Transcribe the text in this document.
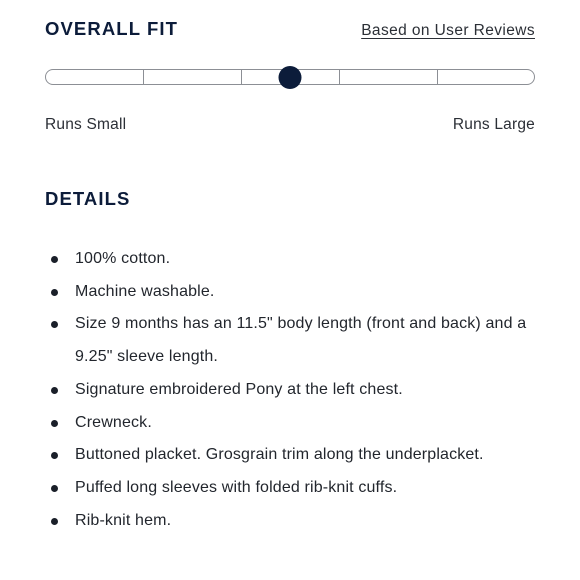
OVERALL FIT	Based on User Reviews
Runs Small	Runs Large
DETAILS
100% cotton.
Machine washable.
Size 9 months has an 11.5" body length (front and back) and a 9.25" sleeve length.
Signature embroidered Pony at the left chest.
Crewneck.
Buttoned placket. Grosgrain trim along the underplacket.
Puffed long sleeves with folded rib-knit cuffs.
Rib-knit hem.
